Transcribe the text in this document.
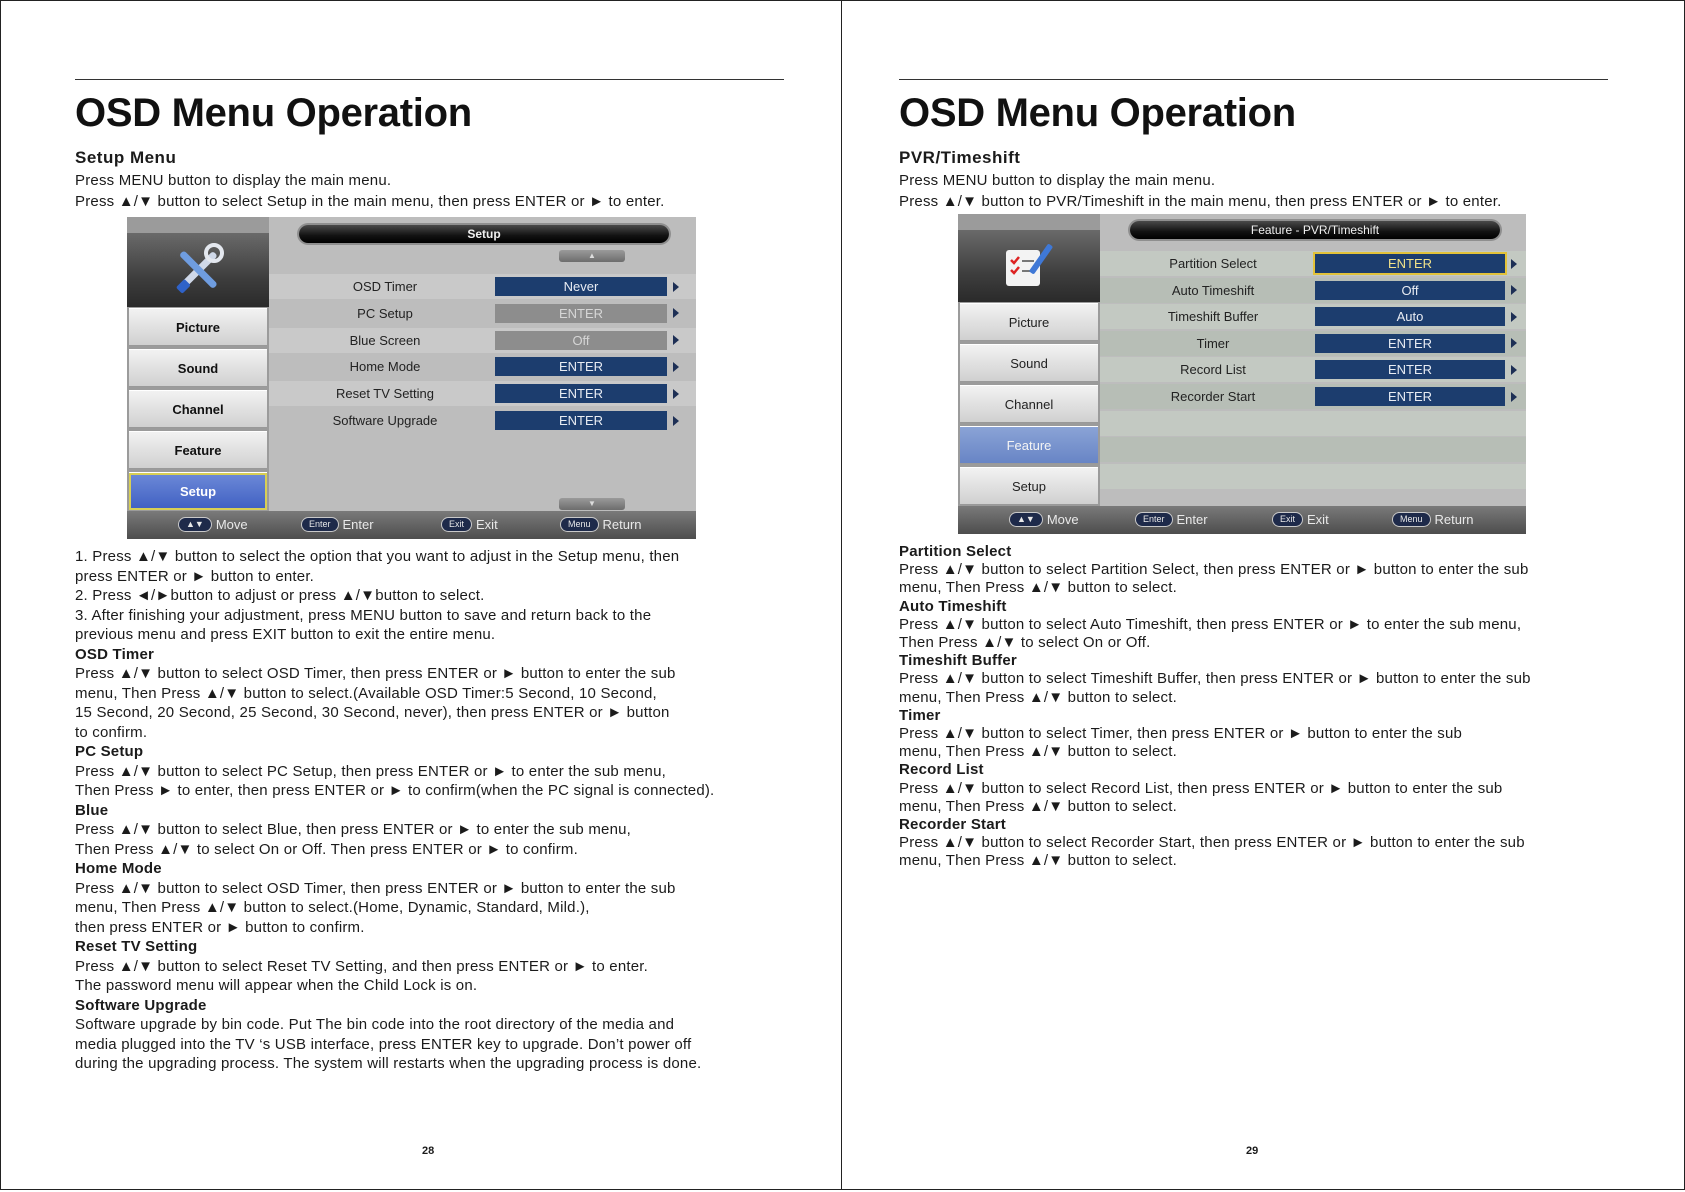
OSD Menu Operation
Setup Menu
Press MENU button to display the main menu.
Press ▲/▼ button to select Setup in the main menu, then press ENTER or ► to enter.
Picture
Sound
Channel
Feature
Setup
Setup
▲
OSD Timer	Never
PC Setup	ENTER
Blue Screen	Off
Home Mode	ENTER
Reset TV Setting	ENTER
Software Upgrade	ENTER
▼
▲▼ Move	Enter Enter	Exit Exit	Menu Return
1. Press ▲/▼ button to select the option that you want to adjust in the Setup menu, then
press ENTER or ► button to enter.
2. Press ◄/►button to adjust or press ▲/▼button to select.
3. After finishing your adjustment, press MENU button to save and return back to the
previous menu and press EXIT button to exit the entire menu.
OSD Timer
Press ▲/▼ button to select OSD Timer, then press ENTER or ► button to enter the sub
menu, Then Press ▲/▼ button to select.(Available OSD Timer:5 Second, 10 Second,
15 Second, 20 Second, 25 Second, 30 Second, never), then press ENTER or ► button
to confirm.
PC Setup
Press ▲/▼ button to select PC Setup, then press ENTER or ► to enter the sub menu,
Then Press ► to enter, then press ENTER or ► to confirm(when the PC signal is connected).
Blue
Press ▲/▼ button to select Blue, then press ENTER or ► to enter the sub menu,
Then Press ▲/▼ to select On or Off. Then press ENTER or ► to confirm.
Home Mode
Press ▲/▼ button to select OSD Timer, then press ENTER or ► button to enter the sub
menu, Then Press ▲/▼ button to select.(Home, Dynamic, Standard, Mild.),
then press ENTER or ► button to confirm.
Reset TV Setting
Press ▲/▼ button to select Reset TV Setting, and then press ENTER or ► to enter.
The password menu will appear when the Child Lock is on.
Software Upgrade
Software upgrade by bin code. Put The bin code into the root directory of the media and
media plugged into the TV ‘s USB interface, press ENTER key to upgrade. Don’t power off
during the upgrading process. The system will restarts when the upgrading process is done.
28
OSD Menu Operation
PVR/Timeshift
Press MENU button to display the main menu.
Press ▲/▼ button to PVR/Timeshift in the main menu, then press ENTER or ► to enter.
Picture
Sound
Channel
Feature
Setup
Feature - PVR/Timeshift
Partition Select	ENTER
Auto Timeshift	Off
Timeshift Buffer	Auto
Timer	ENTER
Record List	ENTER
Recorder Start	ENTER
▲▼ Move	Enter Enter	Exit Exit	Menu Return
Partition Select
Press ▲/▼ button to select Partition Select, then press ENTER or ► button to enter the sub
menu, Then Press ▲/▼ button to select.
Auto Timeshift
Press ▲/▼ button to select Auto Timeshift, then press ENTER or ► to enter the sub menu,
Then Press ▲/▼ to select On or Off.
Timeshift Buffer
Press ▲/▼ button to select Timeshift Buffer, then press ENTER or ► button to enter the sub
menu, Then Press ▲/▼ button to select.
Timer
Press ▲/▼ button to select Timer, then press ENTER or ► button to enter the sub
menu, Then Press ▲/▼ button to select.
Record List
Press ▲/▼ button to select Record List, then press ENTER or ► button to enter the sub
menu, Then Press ▲/▼ button to select.
Recorder Start
Press ▲/▼ button to select Recorder Start, then press ENTER or ► button to enter the sub
menu, Then Press ▲/▼ button to select.
29
